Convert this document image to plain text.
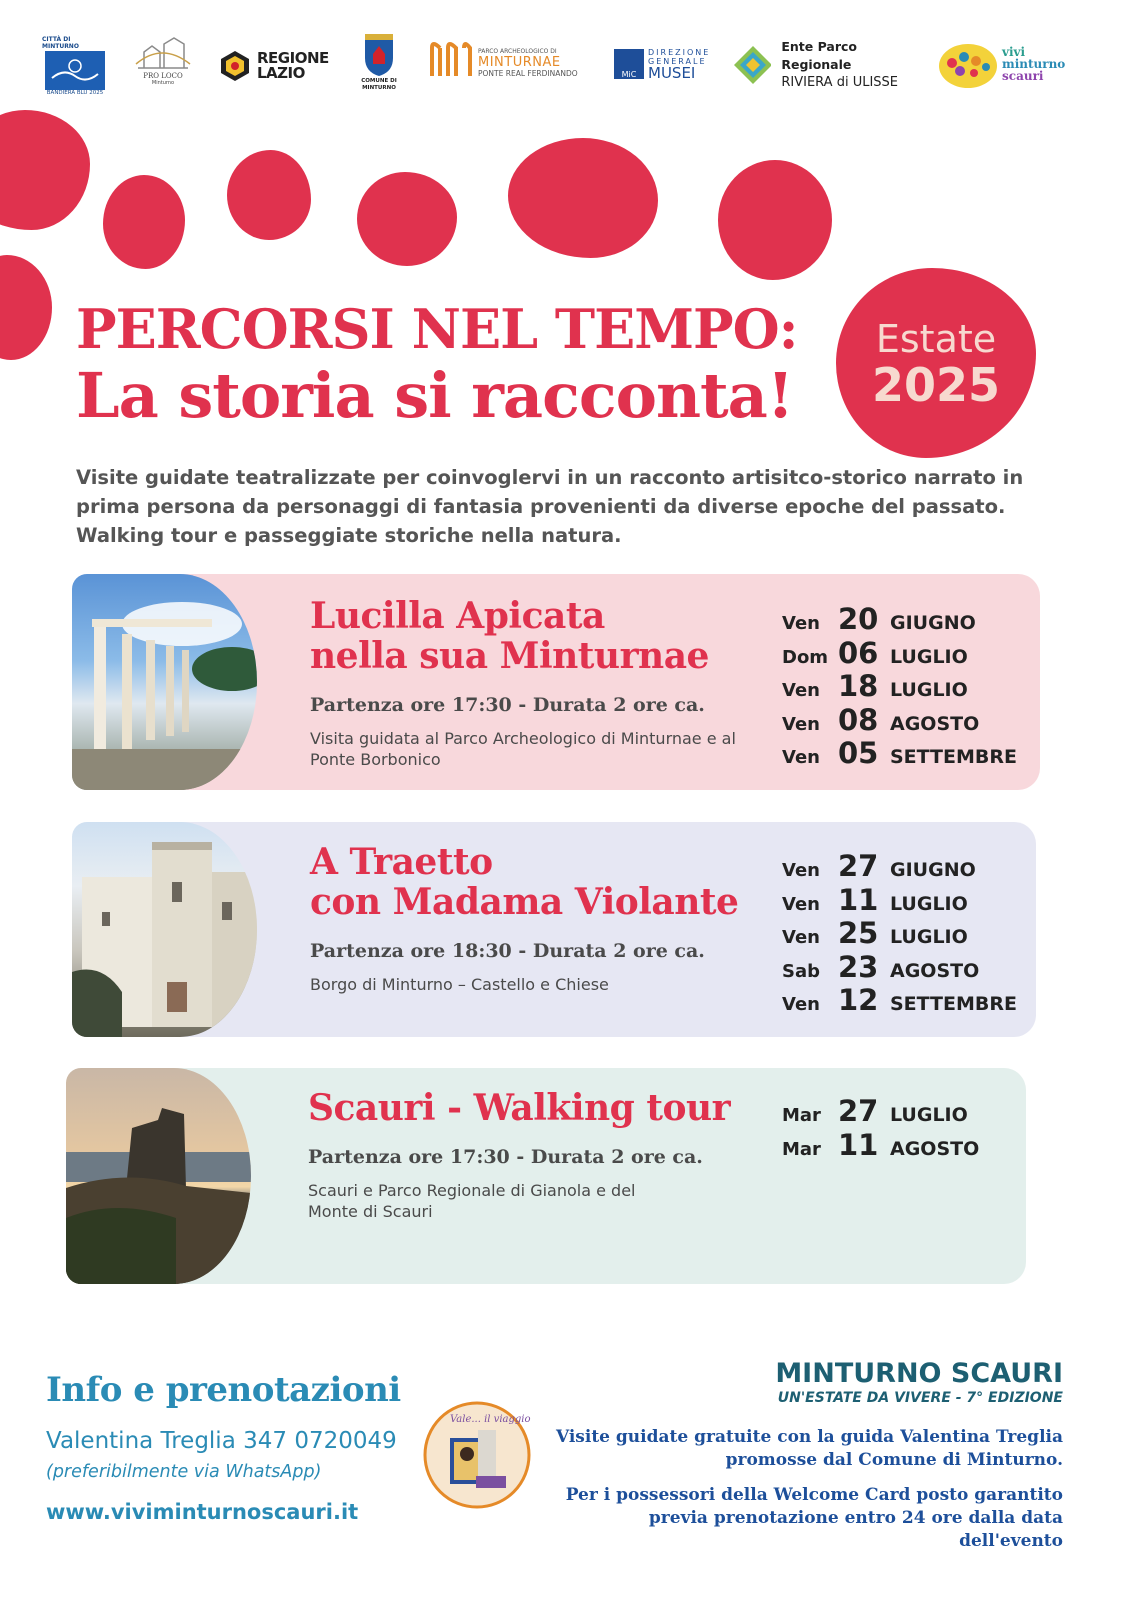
CITTÀ DI MINTURNO
BANDIERA BLU 2025
PRO LOCO
Minturno
REGIONE
LAZIO	COMUNE DI
MINTURNO
PARCO ARCHEOLOGICO DI
MINTURNAE
PONTE REAL FERDINANDO	MiC
DIREZIONE
GENERALE
MUSEI
Ente Parco Regionale
RIVIERA di ULISSE
vivi
minturno
scauri
PERCORSI NEL TEMPO:
La storia si racconta!
Estate
2025
Visite guidate teatralizzate per coinvoglervi in un racconto artisitco-storico narrato in prima persona da personaggi di fantasia provenienti da diverse epoche del passato. Walking tour e passeggiate storiche nella natura.
Lucilla Apicata
nella sua Minturnae
Partenza ore 17:30 - Durata 2 ore ca.
Visita guidata al Parco Archeologico di Minturnae e al Ponte Borbonico
Ven 20 GIUGNO
Dom 06 LUGLIO
Ven 18 LUGLIO
Ven 08 AGOSTO
Ven 05 SETTEMBRE
A Traetto
con Madama Violante
Partenza ore 18:30 - Durata 2 ore ca.
Borgo di Minturno – Castello e Chiese
Ven 27 GIUGNO
Ven 11 LUGLIO
Ven 25 LUGLIO
Sab 23 AGOSTO
Ven 12 SETTEMBRE
Scauri - Walking tour
Partenza ore 17:30 - Durata 2 ore ca.
Scauri e Parco Regionale di Gianola e del Monte di Scauri
Mar 27 LUGLIO
Mar 11 AGOSTO
Info e prenotazioni
Valentina Treglia 347 0720049
(preferibilmente via WhatsApp)
www.viviminturnoscauri.it
Vale... il viaggio
MINTURNO SCAURI
UN'ESTATE DA VIVERE - 7° EDIZIONE
Visite guidate gratuite con la guida Valentina Treglia promosse dal Comune di Minturno.
Per i possessori della Welcome Card posto garantito previa prenotazione entro 24 ore dalla data dell'evento
